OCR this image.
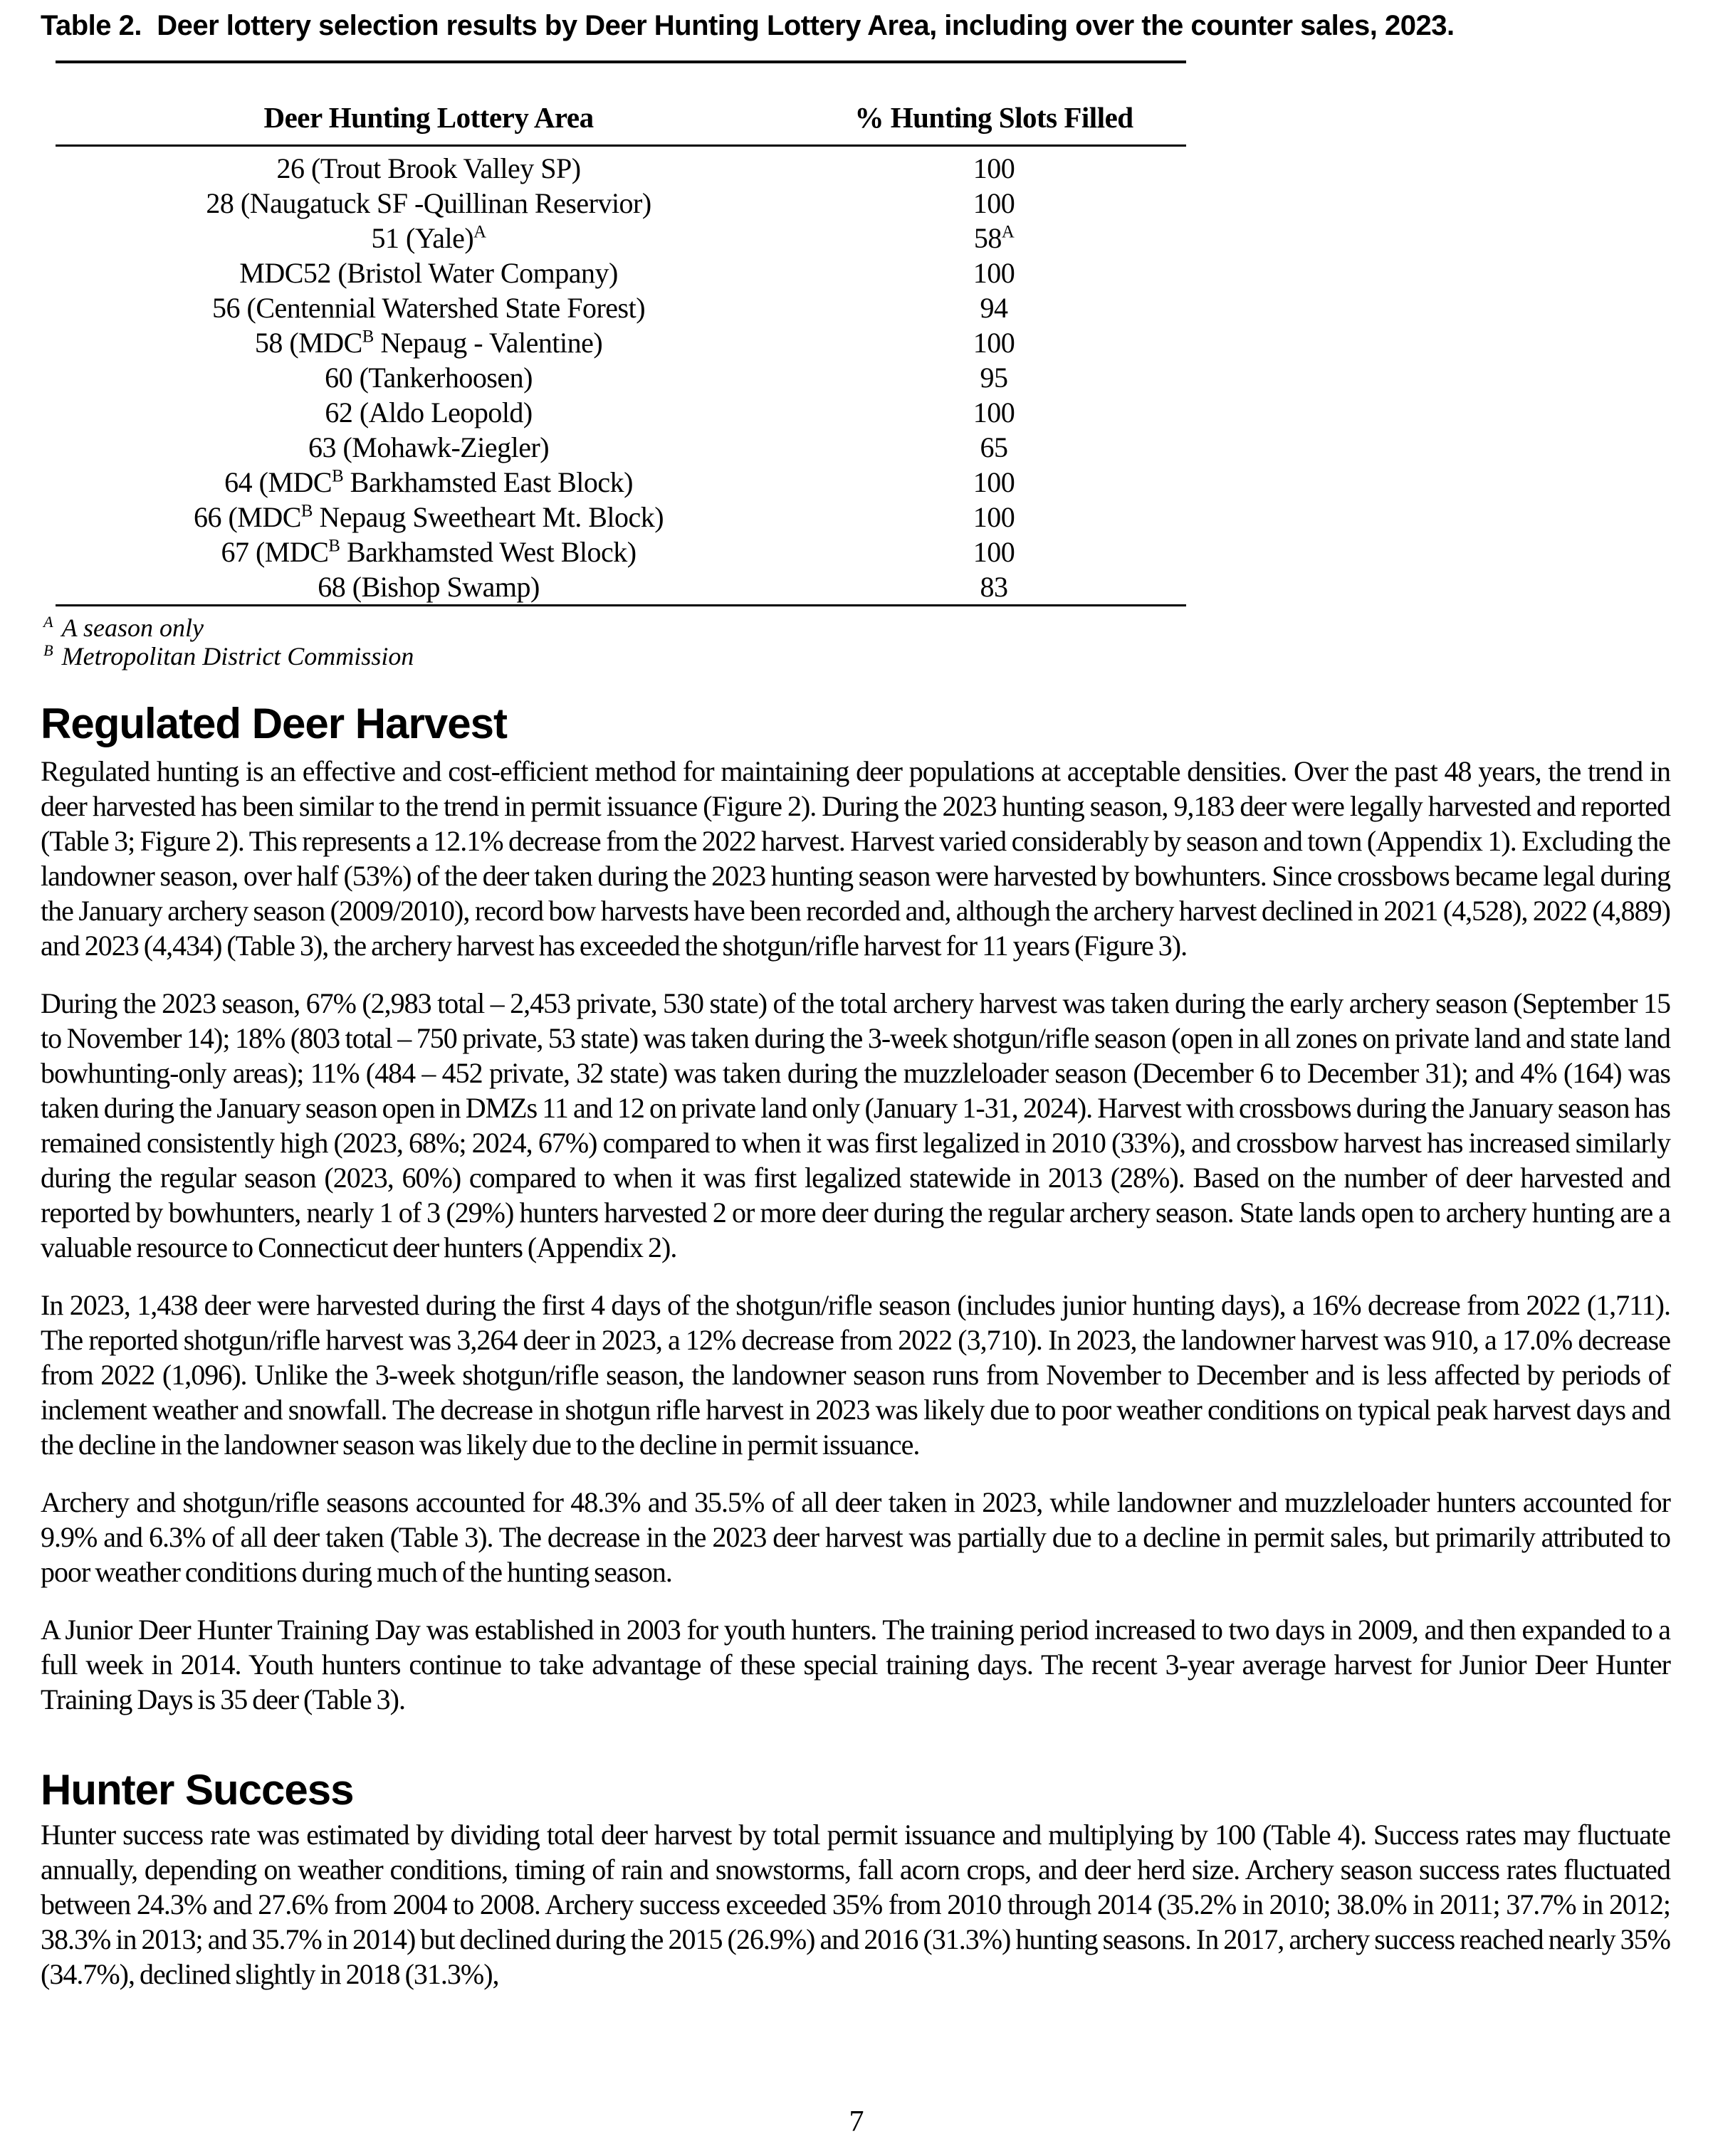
Table 2.  Deer lottery selection results by Deer Hunting Lottery Area, including over the counter sales, 2023.
Deer Hunting Lottery Area	% Hunting Slots Filled
26 (Trout Brook Valley SP)	100
28 (Naugatuck SF -Quillinan Reservior)	100
51 (Yale)$^A$	$58^A$
MDC52 (Bristol Water Company)	100
56 (Centennial Watershed State Forest)	94
58 ($MDC^B$ Nepaug - Valentine)	100
60 (Tankerhoosen)	95
62 (Aldo Leopold)	100
63 (Mohawk-Ziegler)	65
64 ($MDC^B$ Barkhamsted East Block)	100
66 ($MDC^B$ Nepaug Sweetheart Mt. Block)	100
67 ($MDC^B$ Barkhamsted West Block)	100
68 (Bishop Swamp)	83
$^A$ A season only
$^B$ Metropolitan District Commission
Regulated Deer Harvest

Regulated hunting is an effective and cost-efficient method for maintaining deer populations at acceptable densities. Over the past 48 years, the trend in deer harvested has been similar to the trend in permit issuance (Figure 2). During the 2023 hunting season, 9,183 deer were legally harvested and reported (Table 3; Figure 2). This represents a 12.1% decrease from the 2022 harvest. Harvest varied considerably by season and town (Appendix 1). Excluding the landowner season, over half (53%) of the deer taken during the 2023 hunting season were harvested by bowhunters. Since crossbows became legal during the January archery season (2009/2010), record bow harvests have been recorded and, although the archery harvest declined in 2021 (4,528), 2022 (4,889) and 2023 (4,434) (Table 3), the archery harvest has exceeded the shotgun/rifle harvest for 11 years (Figure 3).

During the 2023 season, 67% (2,983 total – 2,453 private, 530 state) of the total archery harvest was taken during the early archery season (September 15 to November 14); 18% (803 total – 750 private, 53 state) was taken during the 3-week shotgun/rifle season (open in all zones on private land and state land bowhunting-only areas); 11% (484 – 452 private, 32 state) was taken during the muzzleloader season (December 6 to December 31); and 4% (164) was taken during the January season open in DMZs 11 and 12 on private land only (January 1-31, 2024). Harvest with crossbows during the January season has remained consistently high (2023, 68%; 2024, 67%) compared to when it was first legalized in 2010 (33%), and crossbow harvest has increased similarly during the regular season (2023, 60%) compared to when it was first legalized statewide in 2013 (28%). Based on the number of deer harvested and reported by bowhunters, nearly 1 of 3 (29%) hunters harvested 2 or more deer during the regular archery season. State lands open to archery hunting are a valuable resource to Connecticut deer hunters (Appendix 2).

In 2023, 1,438 deer were harvested during the first 4 days of the shotgun/rifle season (includes junior hunting days), a 16% decrease from 2022 (1,711). The reported shotgun/rifle harvest was 3,264 deer in 2023, a 12% decrease from 2022 (3,710). In 2023, the landowner harvest was 910, a 17.0% decrease from 2022 (1,096). Unlike the 3-week shotgun/rifle season, the landowner season runs from November to December and is less affected by periods of inclement weather and snowfall. The decrease in shotgun rifle harvest in 2023 was likely due to poor weather conditions on typical peak harvest days and the decline in the landowner season was likely due to the decline in permit issuance.

Archery and shotgun/rifle seasons accounted for 48.3% and 35.5% of all deer taken in 2023, while landowner and muzzleloader hunters accounted for 9.9% and 6.3% of all deer taken (Table 3). The decrease in the 2023 deer harvest was partially due to a decline in permit sales, but primarily attributed to poor weather conditions during much of the hunting season.

A Junior Deer Hunter Training Day was established in 2003 for youth hunters. The training period increased to two days in 2009, and then expanded to a full week in 2014. Youth hunters continue to take advantage of these special training days. The recent 3-year average harvest for Junior Deer Hunter Training Days is 35 deer (Table 3).

Hunter Success

Hunter success rate was estimated by dividing total deer harvest by total permit issuance and multiplying by 100 (Table 4). Success rates may fluctuate annually, depending on weather conditions, timing of rain and snowstorms, fall acorn crops, and deer herd size. Archery season success rates fluctuated between 24.3% and 27.6% from 2004 to 2008. Archery success exceeded 35% from 2010 through 2014 (35.2% in 2010; 38.0% in 2011; 37.7% in 2012; 38.3% in 2013; and 35.7% in 2014) but declined during the 2015 (26.9%) and 2016 (31.3%) hunting seasons. In 2017, archery success reached nearly 35% (34.7%), declined slightly in 2018 (31.3%),

7
